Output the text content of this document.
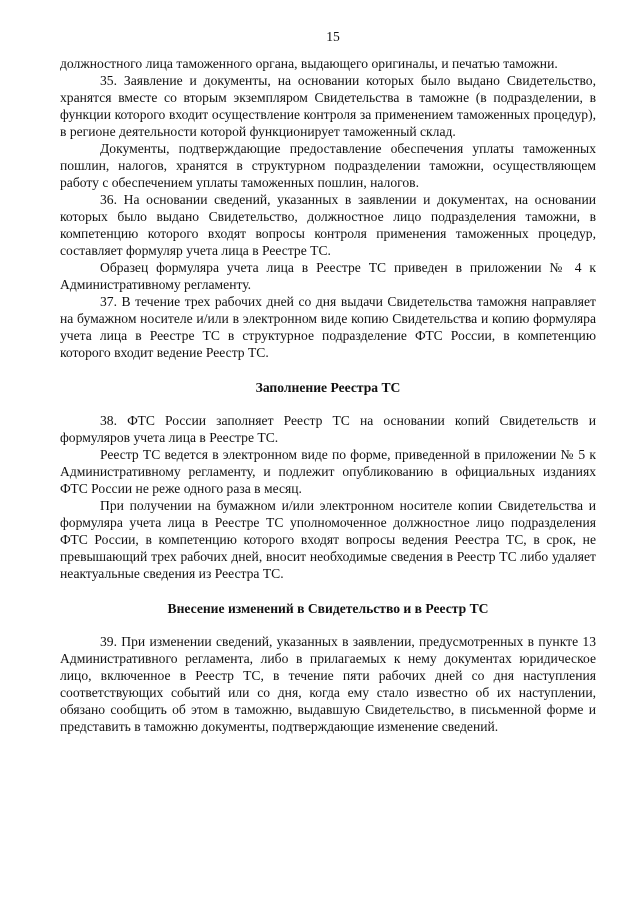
15

должностного лица таможенного органа, выдающего оригиналы, и печатью таможни.

35. Заявление и документы, на основании которых было выдано Свидетельство, хранятся вместе со вторым экземпляром Свидетельства в таможне (в подразделении, в функции которого входит осуществление контроля за применением таможенных процедур), в регионе деятельности которой функционирует таможенный склад.

Документы, подтверждающие предоставление обеспечения уплаты таможенных пошлин, налогов, хранятся в структурном подразделении таможни, осуществляющем работу с обеспечением уплаты таможенных пошлин, налогов.

36. На основании сведений, указанных в заявлении и документах, на основании которых было выдано Свидетельство, должностное лицо подразделения таможни, в компетенцию которого входят вопросы контроля применения таможенных процедур, составляет формуляр учета лица в Реестре ТС.

Образец формуляра учета лица в Реестре ТС приведен в приложении № 4 к Административному регламенту.

37. В течение трех рабочих дней со дня выдачи Свидетельства таможня направляет на бумажном носителе и/или в электронном виде копию Свидетельства и копию формуляра учета лица в Реестре ТС в структурное подразделение ФТС России, в компетенцию которого входит ведение Реестр ТС.

Заполнение Реестра ТС

38. ФТС России заполняет Реестр ТС на основании копий Свидетельств и формуляров учета лица в Реестре ТС.

Реестр ТС ведется в электронном виде по форме, приведенной в приложении № 5 к Административному регламенту, и подлежит опубликованию в официальных изданиях ФТС России не реже одного раза в месяц.

При получении на бумажном и/или электронном носителе копии Свидетельства и формуляра учета лица в Реестре ТС уполномоченное должностное лицо подразделения ФТС России, в компетенцию которого входят вопросы ведения Реестра ТС, в срок, не превышающий трех рабочих дней, вносит необходимые сведения в Реестр ТС либо удаляет неактуальные сведения из Реестра ТС.

Внесение изменений в Свидетельство и в Реестр ТС

39. При изменении сведений, указанных в заявлении, предусмотренных в пункте 13 Административного регламента, либо в прилагаемых к нему документах юридическое лицо, включенное в Реестр ТС, в течение пяти рабочих дней со дня наступления соответствующих событий или со дня, когда ему стало известно об их наступлении, обязано сообщить об этом в таможню, выдавшую Свидетельство, в письменной форме и представить в таможню документы, подтверждающие изменение сведений.
